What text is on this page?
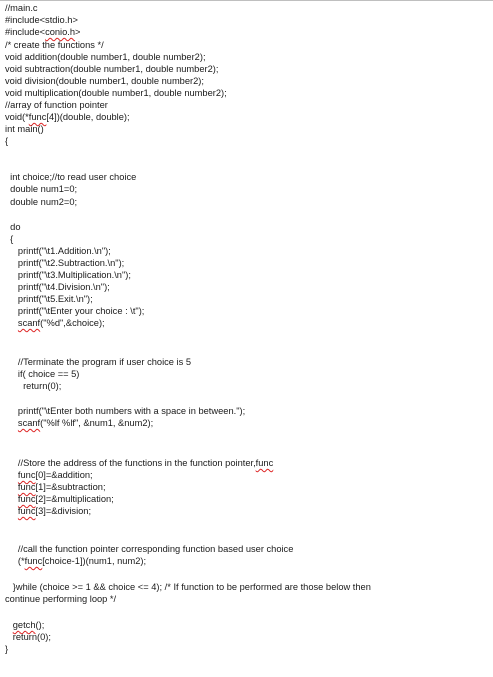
//main.c
#include<stdio.h>
#include<conio.h>
/* create the functions */
void addition(double number1, double number2);
void subtraction(double number1, double number2);
void division(double number1, double number2);
void multiplication(double number1, double number2);
//array of function pointer
void(*func[4])(double, double);
int main()
{
int choice;//to read user choice
double num1=0;
double num2=0;
do
{
printf("\t1.Addition.\n");
printf("\t2.Subtraction.\n");
printf("\t3.Multiplication.\n");
printf("\t4.Division.\n");
printf("\t5.Exit.\n");
printf("\tEnter your choice : \t");
scanf("%d",&choice);
//Terminate the program if user choice is 5
if( choice == 5)
return(0);
printf("\tEnter both numbers with a space in between.");
scanf("%lf %lf", &num1, &num2);
//Store the address of the functions in the function pointer,func
func[0]=&addition;
func[1]=&subtraction;
func[2]=&multiplication;
func[3]=&division;
//call the function pointer corresponding function based user choice
(*func[choice-1])(num1, num2);
}while (choice >= 1 && choice <= 4); /* If function to be performed are those below then
continue performing loop */
getch();
return(0);
}
